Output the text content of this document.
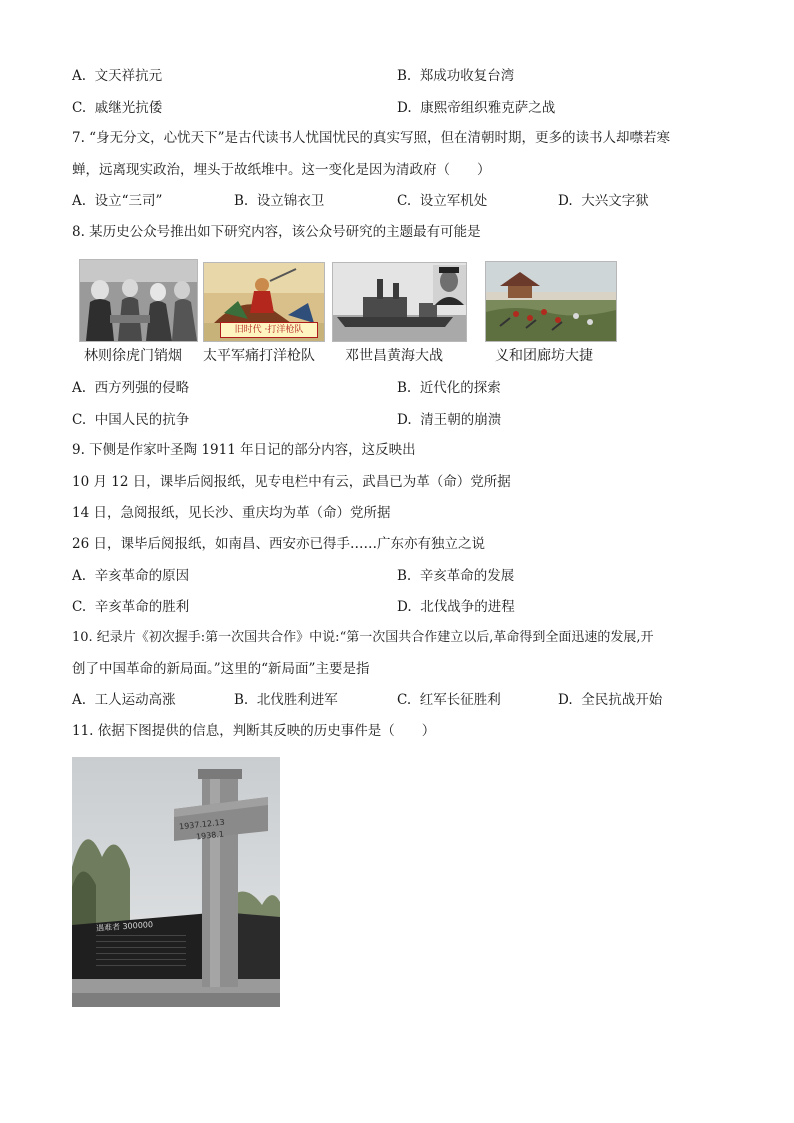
A. 文天祥抗元	B. 郑成功收复台湾
C. 戚继光抗倭	D. 康熙帝组织雅克萨之战
7. “身无分文，心忧天下”是古代读书人忧国忧民的真实写照，但在清朝时期，更多的读书人却噤若寒
蝉，远离现实政治，埋头于故纸堆中。这一变化是因为清政府（　　）
A. 设立“三司”	B. 设立锦衣卫	C. 设立军机处	D. 大兴文字狱
8. 某历史公众号推出如下研究内容，该公众号研究的主题最有可能是
旧时代 ·打洋枪队
林则徐虎门销烟 太平军痛打洋枪队 邓世昌黄海大战	义和团廊坊大捷
A. 西方列强的侵略	B. 近代化的探索
C. 中国人民的抗争	D. 清王朝的崩溃
9. 下侧是作家叶圣陶 1911 年日记的部分内容，这反映出
10 月 12 日，课毕后阅报纸，见专电栏中有云，武昌已为革（命）党所据
14 日，急阅报纸，见长沙、重庆均为革（命）党所据
26 日，课毕后阅报纸，如南昌、西安亦已得手……广东亦有独立之说
A. 辛亥革命的原因	B. 辛亥革命的发展
C. 辛亥革命的胜利	D. 北伐战争的进程
10. 纪录片《初次握手:第一次国共合作》中说:“第一次国共合作建立以后,革命得到全面迅速的发展,开
创了中国革命的新局面。”这里的“新局面”主要是指
A. 工人运动高涨	B. 北伐胜利进军	C. 红军长征胜利	D. 全民抗战开始
11. 依据下图提供的信息，判断其反映的历史事件是（　　）
1937.12.13
1938.1
遇难者 300000
